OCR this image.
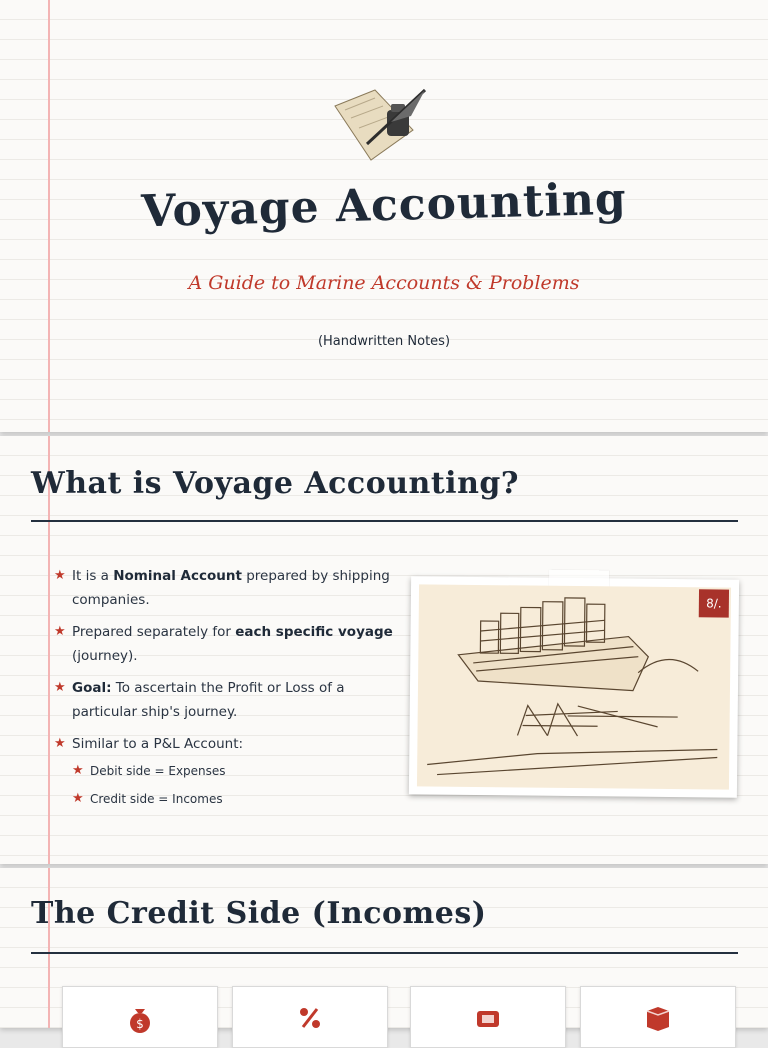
Voyage Accounting
A Guide to Marine Accounts & Problems
(Handwritten Notes)
What is Voyage Accounting?
★ It is a Nominal Account prepared by shipping companies.
★ Prepared separately for each specific voyage (journey).
★ Goal: To ascertain the Profit or Loss of a particular ship's journey.
★ Similar to a P&L Account:
★ Debit side = Expenses
★ Credit side = Incomes
8/.
The Credit Side (Incomes)
$
